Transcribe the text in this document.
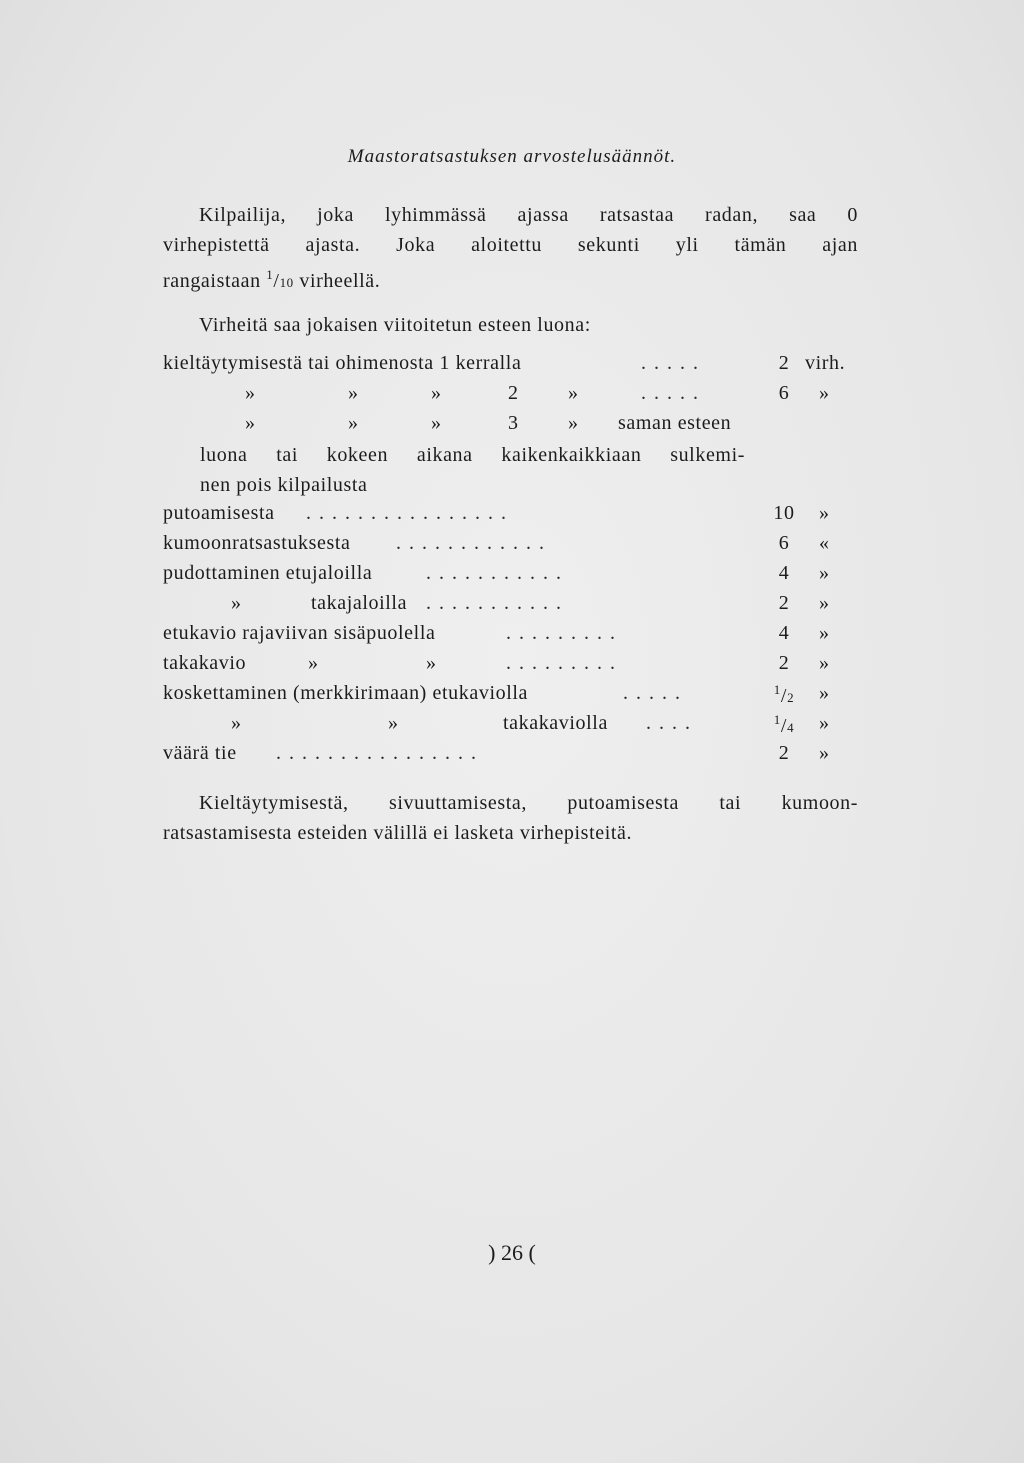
Maastoratsastuksen arvostelusäännöt.
Kilpailija, joka lyhimmässä ajassa ratsastaa radan, saa 0
virhepistettä ajasta. Joka aloitettu sekunti yli tämän ajan
rangaistaan $^1$/10 virheellä.
Virheitä saa jokaisen viitoitetun esteen luona:
kieltäytymisestä tai ohimenosta 1 kerralla	.....	2 virh.
»	»	»	2 »	.....	6	»
»	»	»	3 » saman esteen
luona tai kokeen aikana kaikenkaikkiaan sulkemi-
nen pois kilpailusta
putoamisesta ................	10 »
kumoonratsastuksesta ............	6	«
pudottaminen etujaloilla	...........	4	»
»	takajaloilla ...........	2	»
etukavio rajaviivan sisäpuolella	.........	4	»
takakavio	»	»	.........	2	»
koskettaminen (merkkirimaan) etukaviolla	.....	$^1$/2 »
»	»	takakaviolla ....	$^1$/4 »
väärä tie ................	2	»
Kieltäytymisestä, sivuuttamisesta, putoamisesta tai kumoon-
ratsastamisesta esteiden välillä ei lasketa virhepisteitä.
) 26 (
